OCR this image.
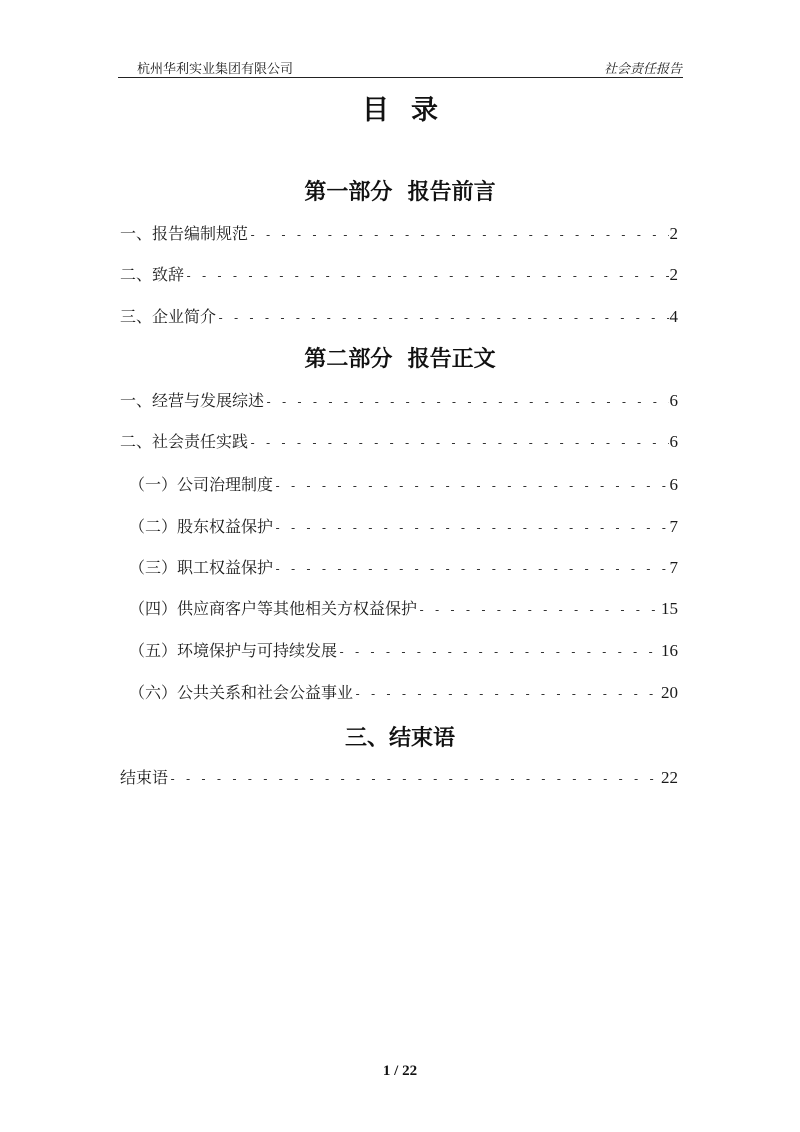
杭州华利实业集团有限公司	社会责任报告
目录
第一部分  报告前言
一、报告编制规范 - - -	2
二、致辞 - - -	2
三、企业简介 - - -	4
第二部分  报告正文
一、经营与发展综述 - - -	6
二、社会责任实践 - - -	6
（一）公司治理制度 - - -	6
（二）股东权益保护 - - -	7
（三）职工权益保护 - - -	7
（四）供应商客户等其他相关方权益保护 - - -	15
（五）环境保护与可持续发展 - - -	16
（六）公共关系和社会公益事业 - - -	20
三、结束语
结束语 - - -	22
1 / 22
